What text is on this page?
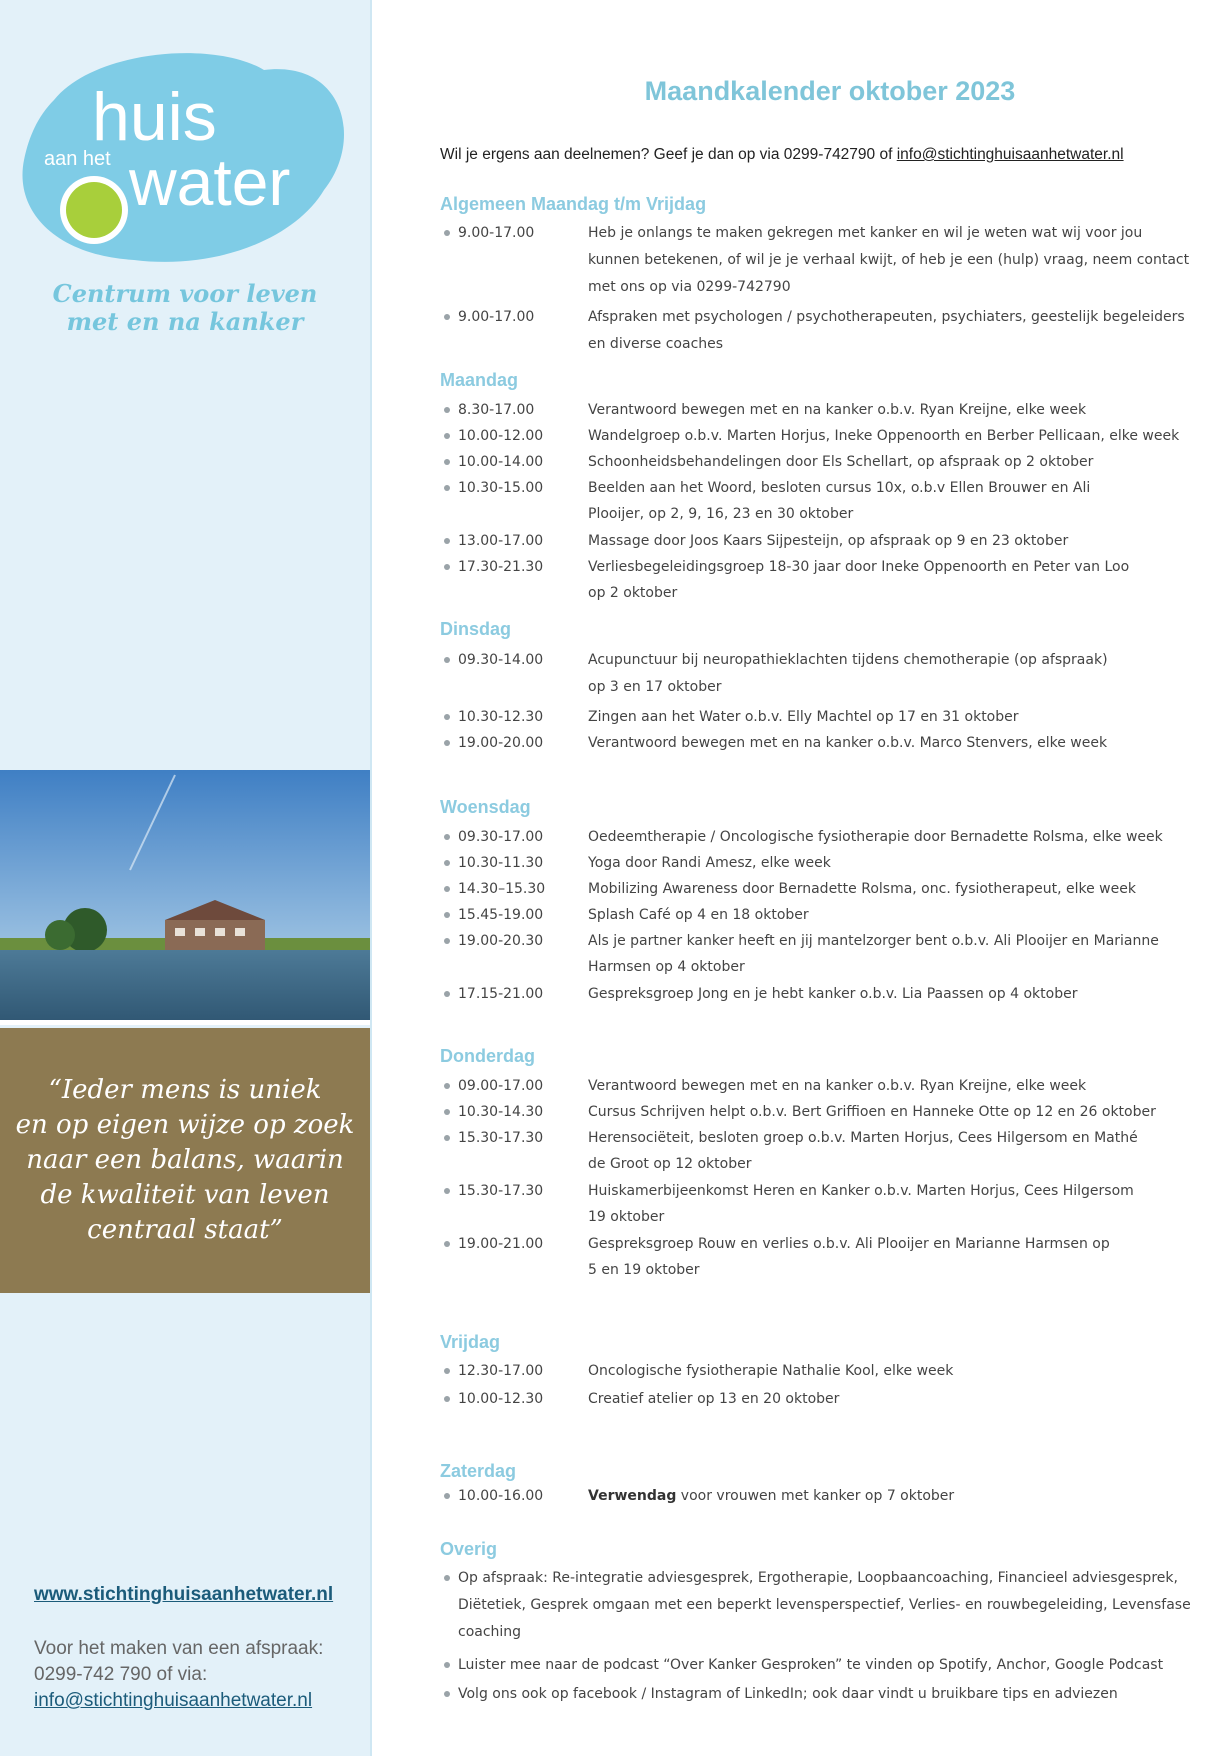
huis
aan het water
Centrum voor leven
met en na kanker
“Ieder mens is uniek
en op eigen wijze op zoek
naar een balans, waarin
de kwaliteit van leven
centraal staat”
www.stichtinghuisaanhetwater.nl
Voor het maken van een afspraak:
0299-742 790 of via:
info@stichtinghuisaanhetwater.nl
Maandkalender oktober 2023
Wil je ergens aan deelnemen? Geef je dan op via 0299-742790 of info@stichtinghuisaanhetwater.nl
Algemeen Maandag t/m Vrijdag
9.00-17.00	Heb je onlangs te maken gekregen met kanker en wil je weten wat wij voor jou
kunnen betekenen, of wil je je verhaal kwijt, of heb je een (hulp) vraag, neem contact
met ons op via 0299-742790
9.00-17.00	Afspraken met psychologen / psychotherapeuten, psychiaters, geestelijk begeleiders
en diverse coaches
Maandag
8.30-17.00	Verantwoord bewegen met en na kanker o.b.v. Ryan Kreijne, elke week
10.00-12.00	Wandelgroep o.b.v. Marten Horjus, Ineke Oppenoorth en Berber Pellicaan, elke week
10.00-14.00	Schoonheidsbehandelingen door Els Schellart, op afspraak op 2 oktober
10.30-15.00	Beelden aan het Woord, besloten cursus 10x, o.b.v Ellen Brouwer en Ali
Plooijer, op 2, 9, 16, 23 en 30 oktober
13.00-17.00	Massage door Joos Kaars Sijpesteijn, op afspraak op 9 en 23 oktober
17.30-21.30	Verliesbegeleidingsgroep 18-30 jaar door Ineke Oppenoorth en Peter van Loo
op 2 oktober
Dinsdag
09.30-14.00	Acupunctuur bij neuropathieklachten tijdens chemotherapie (op afspraak)
op 3 en 17 oktober
10.30-12.30	Zingen aan het Water o.b.v. Elly Machtel op 17 en 31 oktober
19.00-20.00	Verantwoord bewegen met en na kanker o.b.v. Marco Stenvers, elke week
Woensdag
09.30-17.00	Oedeemtherapie / Oncologische fysiotherapie door Bernadette Rolsma, elke week
10.30-11.30	Yoga door Randi Amesz, elke week
14.30–15.30	Mobilizing Awareness door Bernadette Rolsma, onc. fysiotherapeut, elke week
15.45-19.00	Splash Café op 4 en 18 oktober
19.00-20.30	Als je partner kanker heeft en jij mantelzorger bent o.b.v. Ali Plooijer en Marianne
Harmsen op 4 oktober
17.15-21.00	Gespreksgroep Jong en je hebt kanker o.b.v. Lia Paassen op 4 oktober
Donderdag
09.00-17.00	Verantwoord bewegen met en na kanker o.b.v. Ryan Kreijne, elke week
10.30-14.30	Cursus Schrijven helpt o.b.v. Bert Griffioen en Hanneke Otte op 12 en 26 oktober
15.30-17.30	Herensociëteit, besloten groep o.b.v. Marten Horjus, Cees Hilgersom en Mathé
de Groot op 12 oktober
15.30-17.30	Huiskamerbijeenkomst Heren en Kanker o.b.v. Marten Horjus, Cees Hilgersom
19 oktober
19.00-21.00	Gespreksgroep Rouw en verlies o.b.v. Ali Plooijer en Marianne Harmsen op
5 en 19 oktober
Vrijdag
12.30-17.00	Oncologische fysiotherapie Nathalie Kool, elke week
10.00-12.30	Creatief atelier op 13 en 20 oktober
Zaterdag
10.00-16.00	Verwendag voor vrouwen met kanker op 7 oktober
Overig
Op afspraak: Re-integratie adviesgesprek, Ergotherapie, Loopbaancoaching, Financieel adviesgesprek,
Diëtetiek, Gesprek omgaan met een beperkt levensperspectief, Verlies- en rouwbegeleiding, Levensfase
coaching
Luister mee naar de podcast “Over Kanker Gesproken” te vinden op Spotify, Anchor, Google Podcast
Volg ons ook op facebook / Instagram of LinkedIn; ook daar vindt u bruikbare tips en adviezen
